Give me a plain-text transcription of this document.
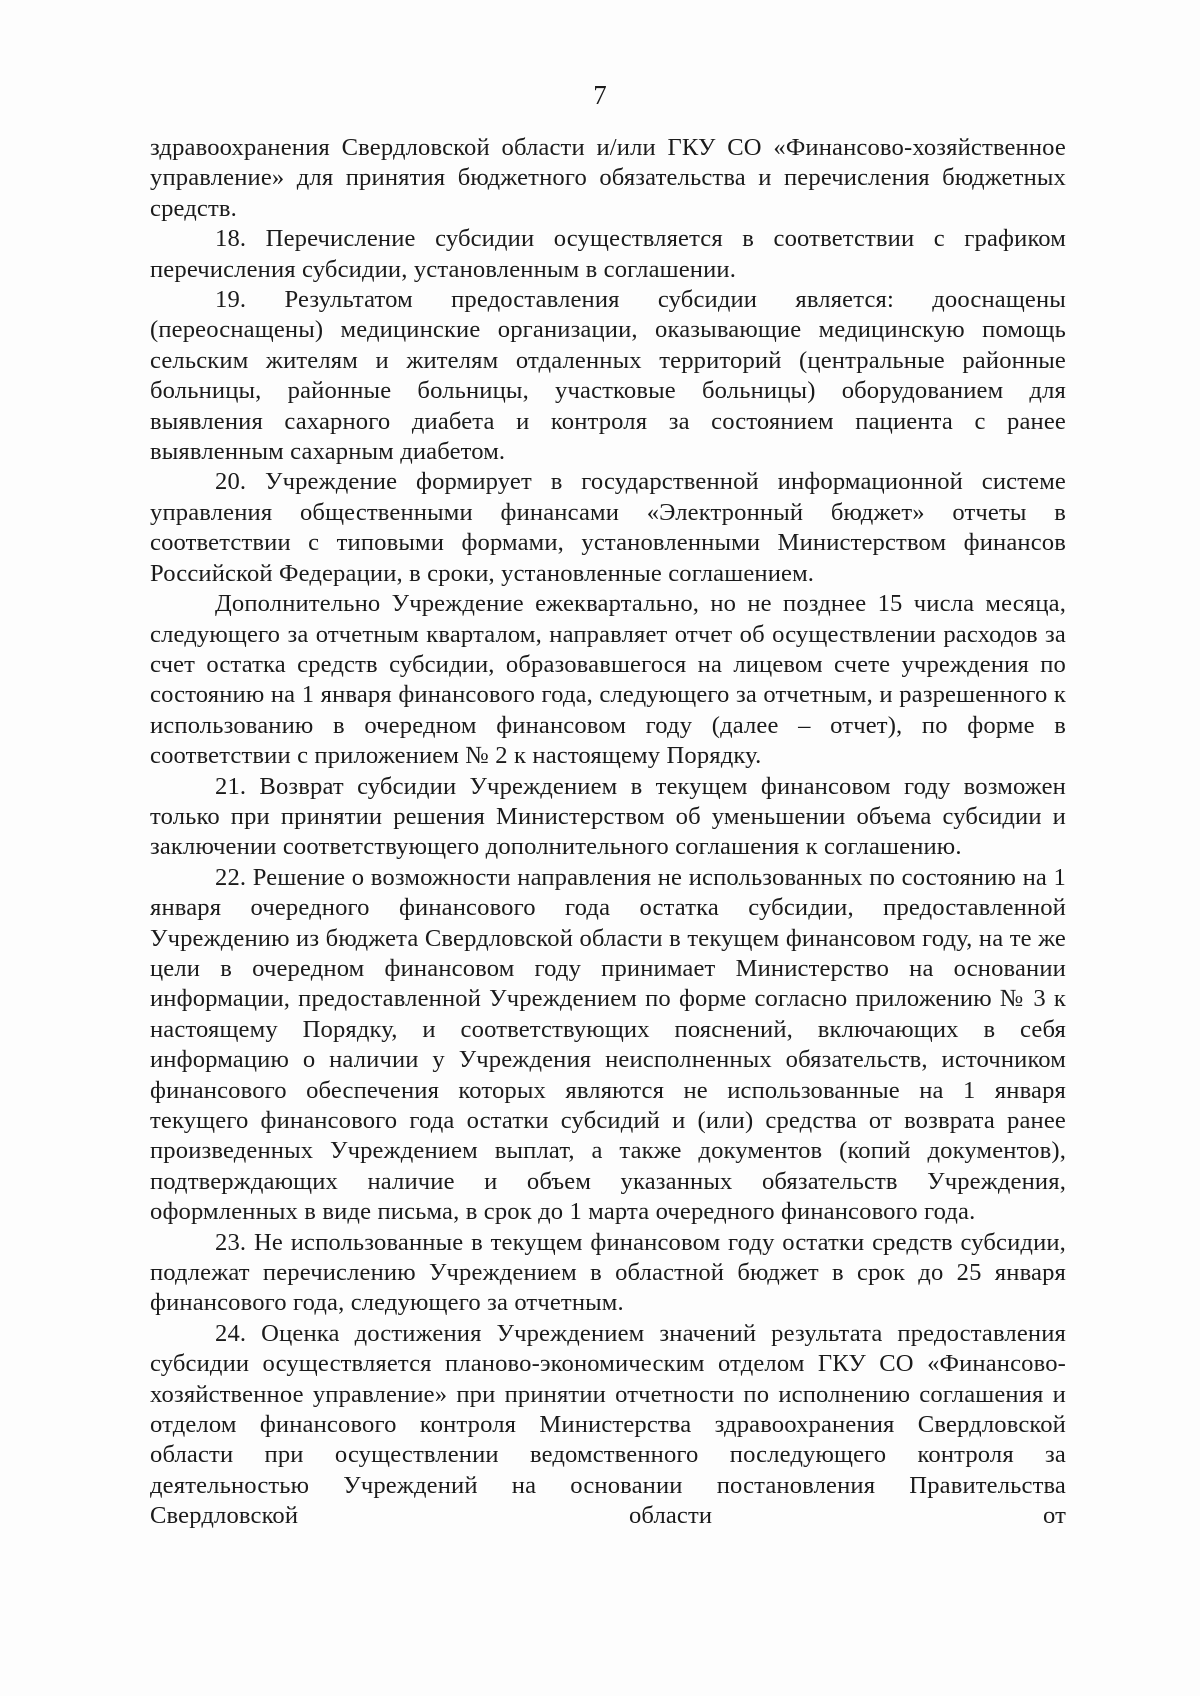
7

здравоохранения Свердловской области и/или ГКУ СО «Финансово-хозяйственное управление» для принятия бюджетного обязательства и перечисления бюджетных средств.

18. Перечисление субсидии осуществляется в соответствии с графиком перечисления субсидии, установленным в соглашении.

19. Результатом предоставления субсидии является: дооснащены (переоснащены) медицинские организации, оказывающие медицинскую помощь сельским жителям и жителям отдаленных территорий (центральные районные больницы, районные больницы, участковые больницы) оборудованием для выявления сахарного диабета и контроля за состоянием пациента с ранее выявленным сахарным диабетом.

20. Учреждение формирует в государственной информационной системе управления общественными финансами «Электронный бюджет» отчеты в соответствии с типовыми формами, установленными Министерством финансов Российской Федерации, в сроки, установленные соглашением.

Дополнительно Учреждение ежеквартально, но не позднее 15 числа месяца, следующего за отчетным кварталом, направляет отчет об осуществлении расходов за счет остатка средств субсидии, образовавшегося на лицевом счете учреждения по состоянию на 1 января финансового года, следующего за отчетным, и разрешенного к использованию в очередном финансовом году (далее – отчет), по форме в соответствии с приложением № 2 к настоящему Порядку.

21. Возврат субсидии Учреждением в текущем финансовом году возможен только при принятии решения Министерством об уменьшении объема субсидии и заключении соответствующего дополнительного соглашения к соглашению.

22. Решение о возможности направления не использованных по состоянию на 1 января очередного финансового года остатка субсидии, предоставленной Учреждению из бюджета Свердловской области в текущем финансовом году, на те же цели в очередном финансовом году принимает Министерство на основании информации, предоставленной Учреждением по форме согласно приложению № 3 к настоящему Порядку, и соответствующих пояснений, включающих в себя информацию о наличии у Учреждения неисполненных обязательств, источником финансового обеспечения которых являются не использованные на 1 января текущего финансового года остатки субсидий и (или) средства от возврата ранее произведенных Учреждением выплат, а также документов (копий документов), подтверждающих наличие и объем указанных обязательств Учреждения, оформленных в виде письма, в срок до 1 марта очередного финансового года.

23. Не использованные в текущем финансовом году остатки средств субсидии, подлежат перечислению Учреждением в областной бюджет в срок до 25 января финансового года, следующего за отчетным.

24. Оценка достижения Учреждением значений результата предоставления субсидии осуществляется планово-экономическим отделом ГКУ СО «Финансово-хозяйственное управление» при принятии отчетности по исполнению соглашения и отделом финансового контроля Министерства здравоохранения Свердловской области при осуществлении ведомственного последующего контроля за деятельностью Учреждений на основании постановления Правительства Свердловской области от
